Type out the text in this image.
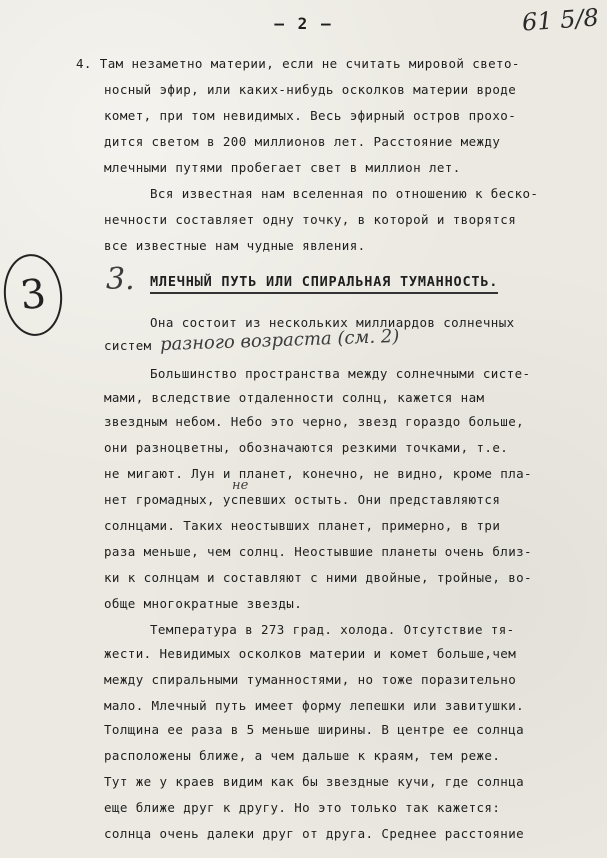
— 2 —	61 5/8
4. Там незаметно материи, если не считать мировой свето-
носный эфир, или каких-нибудь осколков материи вроде
комет, при том невидимых. Весь эфирный остров прохо-
дится светом в 200 миллионов лет. Расстояние между
млечными путями пробегает свет в миллион лет.
Вся известная нам вселенная по отношению к беско-
нечности составляет одну точку, в которой и творятся
все известные нам чудные явления.
3	3. МЛЕЧНЫЙ ПУТЬ ИЛИ СПИРАЛЬНАЯ ТУМАННОСТЬ.
Она состоит из нескольких миллиардов солнечных
систем разного возраста (см. 2)
Большинство пространства между солнечными систе-
мами, вследствие отдаленности солнц, кажется нам
звездным небом. Небо это черно, звезд гораздо больше,
они разноцветны, обозначаются резкими точками, т.е.
не мигают. Лун и планет, конечно, не видно, кроме пла-
не
нет громадных, успевших остыть. Они представляются
солнцами. Таких неостывших планет, примерно, в три
раза меньше, чем солнц. Неостывшие планеты очень близ-
ки к солнцам и составляют с ними двойные, тройные, во-
обще многократные звезды.
Температура в 273 град. холода. Отсутствие тя-
жести. Невидимых осколков материи и комет больше,чем
между спиральными туманностями, но тоже поразительно
мало. Млечный путь имеет форму лепешки или завитушки.
Толщина ее раза в 5 меньше ширины. В центре ее солнца
расположены ближе, а чем дальше к краям, тем реже.
Тут же у краев видим как бы звездные кучи, где солнца
еще ближе друг к другу. Но это только так кажется:
солнца очень далеки друг от друга. Среднее расстояние
